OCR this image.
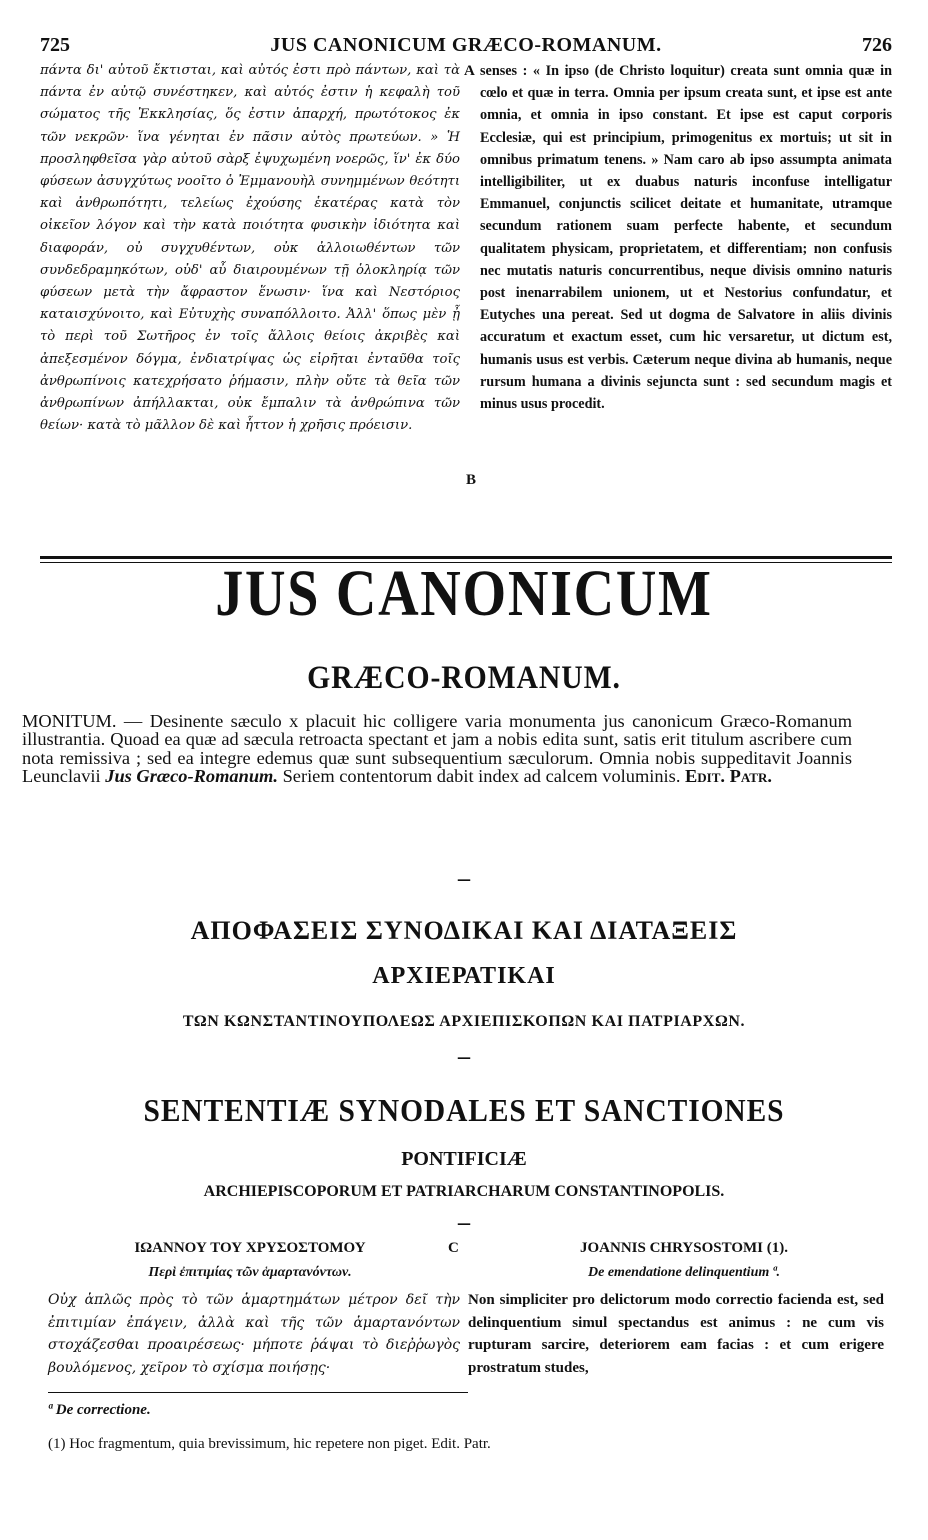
725	JUS CANONICUM GRÆCO-ROMANUM.	726

πάντα δι' αὐτοῦ ἔκτισται, καὶ αὐτός ἐστι πρὸ πάντων, καὶ τὰ πάντα ἐν αὐτῷ συνέστηκεν, καὶ αὐτός ἐστιν ἡ κεφαλὴ τοῦ σώματος τῆς Ἐκκλησίας, ὅς ἐστιν ἀπαρχή, πρωτότοκος ἐκ τῶν νεκρῶν· ἵνα γένηται ἐν πᾶσιν αὐτὸς πρωτεύων. » Ἡ προσληφθεῖσα γὰρ αὐτοῦ σὰρξ ἐψυχωμένη νοερῶς, ἵν' ἐκ δύο φύσεων ἀσυγχύτως νοοῖτο ὁ Ἐμμανουὴλ συνημμένων θεότητι καὶ ἀνθρωπότητι, τελείως ἐχούσης ἑκατέρας κατὰ τὸν οἰκεῖον λόγον καὶ τὴν κατὰ ποιότητα φυσικὴν ἰδιότητα καὶ διαφοράν, οὐ συγχυθέντων, οὐκ ἀλλοιωθέντων τῶν συνδεδραμηκότων, οὐδ' αὖ διαιρουμένων τῇ ὁλοκληρίᾳ τῶν φύσεων μετὰ τὴν ἄφραστον ἕνωσιν· ἵνα καὶ Νεστόριος καταισχύνοιτο, καὶ Εὐτυχὴς συναπόλλοιτο. Ἀλλ' ὅπως μὲν ᾖ τὸ περὶ τοῦ Σωτῆρος ἐν τοῖς ἄλλοις θείοις ἀκριβὲς καὶ ἀπεξεσμένον δόγμα, ἐνδιατρίψας ὡς εἰρῆται ἐνταῦθα τοῖς ἀνθρωπίνοις κατεχρήσατο ῥήμασιν, πλὴν οὔτε τὰ θεῖα τῶν ἀνθρωπίνων ἀπήλλακται, οὐκ ἔμπαλιν τὰ ἀνθρώπινα τῶν θείων· κατὰ τὸ μᾶλλον δὲ καὶ ἧττον ἡ χρῆσις πρόεισιν.

A
B

senses : « In ipso (de Christo loquitur) creata sunt omnia quæ in cœlo et quæ in terra. Omnia per ipsum creata sunt, et ipse est ante omnia, et omnia in ipso constant. Et ipse est caput corporis Ecclesiæ, qui est principium, primogenitus ex mortuis; ut sit in omnibus primatum tenens. » Nam caro ab ipso assumpta animata intelligibiliter, ut ex duabus naturis inconfuse intelligatur Emmanuel, conjunctis scilicet deitate et humanitate, utramque secundum rationem suam perfecte habente, et secundum qualitatem physicam, proprietatem, et differentiam; non confusis nec mutatis naturis concurrentibus, neque divisis omnino naturis post inenarrabilem unionem, ut et Nestorius confundatur, et Eutyches una pereat. Sed ut dogma de Salvatore in aliis divinis accuratum et exactum esset, cum hic versaretur, ut dictum est, humanis usus est verbis. Cæterum neque divina ab humanis, neque rursum humana a divinis sejuncta sunt : sed secundum magis et minus usus procedit.

JUS CANONICUM
GRÆCO-ROMANUM.
MONITUM. — Desinente sæculo x placuit hic colligere varia monumenta jus canonicum Græco-Romanum illustrantia. Quoad ea quæ ad sæcula retroacta spectant et jam a nobis edita sunt, satis erit titulum ascribere cum nota remissiva ; sed ea integre edemus quæ sunt subsequentium sæculorum. Omnia nobis suppeditavit Joannis Leunclavii Jus Græco-Romanum. Seriem contentorum dabit index ad calcem voluminis. Edit. Patr.
—
ΑΠΟΦΑΣΕΙΣ ΣΥΝΟΔΙΚΑΙ ΚΑΙ ΔΙΑΤΑΞΕΙΣ
ΑΡΧΙΕΡΑΤΙΚΑΙ
ΤΩΝ ΚΩΝΣΤΑΝΤΙΝΟΥΠΟΛΕΩΣ ΑΡΧΙΕΠΙΣΚΟΠΩΝ ΚΑΙ ΠΑΤΡΙΑΡΧΩΝ.
—
SENTENTIÆ SYNODALES ET SANCTIONES
PONTIFICIÆ
ARCHIEPISCOPORUM ET PATRIARCHARUM CONSTANTINOPOLIS.
—
ΙΩΑΝΝΟΥ ΤΟΥ ΧΡΥΣΟΣΤΟΜΟΥ	C	JOANNIS CHRYSOSTOMI (1).
Περὶ ἐπιτιμίας τῶν ἁμαρτανόντων.	De emendatione delinquentium ª.
Οὐχ ἁπλῶς πρὸς τὸ τῶν ἁμαρτημάτων μέτρον δεῖ τὴν ἐπιτιμίαν ἐπάγειν, ἀλλὰ καὶ τῆς τῶν ἁμαρτανόντων στοχάζεσθαι προαιρέσεως· μήποτε ῥάψαι τὸ διεῤῥωγὸς βουλόμενος, χεῖρον τὸ σχίσμα ποιήσῃς·
Non simpliciter pro delictorum modo correctio facienda est, sed delinquentium simul spectandus est animus : ne cum vis rupturam sarcire, deteriorem eam facias : et cum erigere prostratum studes,
ª De correctione.
(1) Hoc fragmentum, quia brevissimum, hic repetere non piget. Edit. Patr.
